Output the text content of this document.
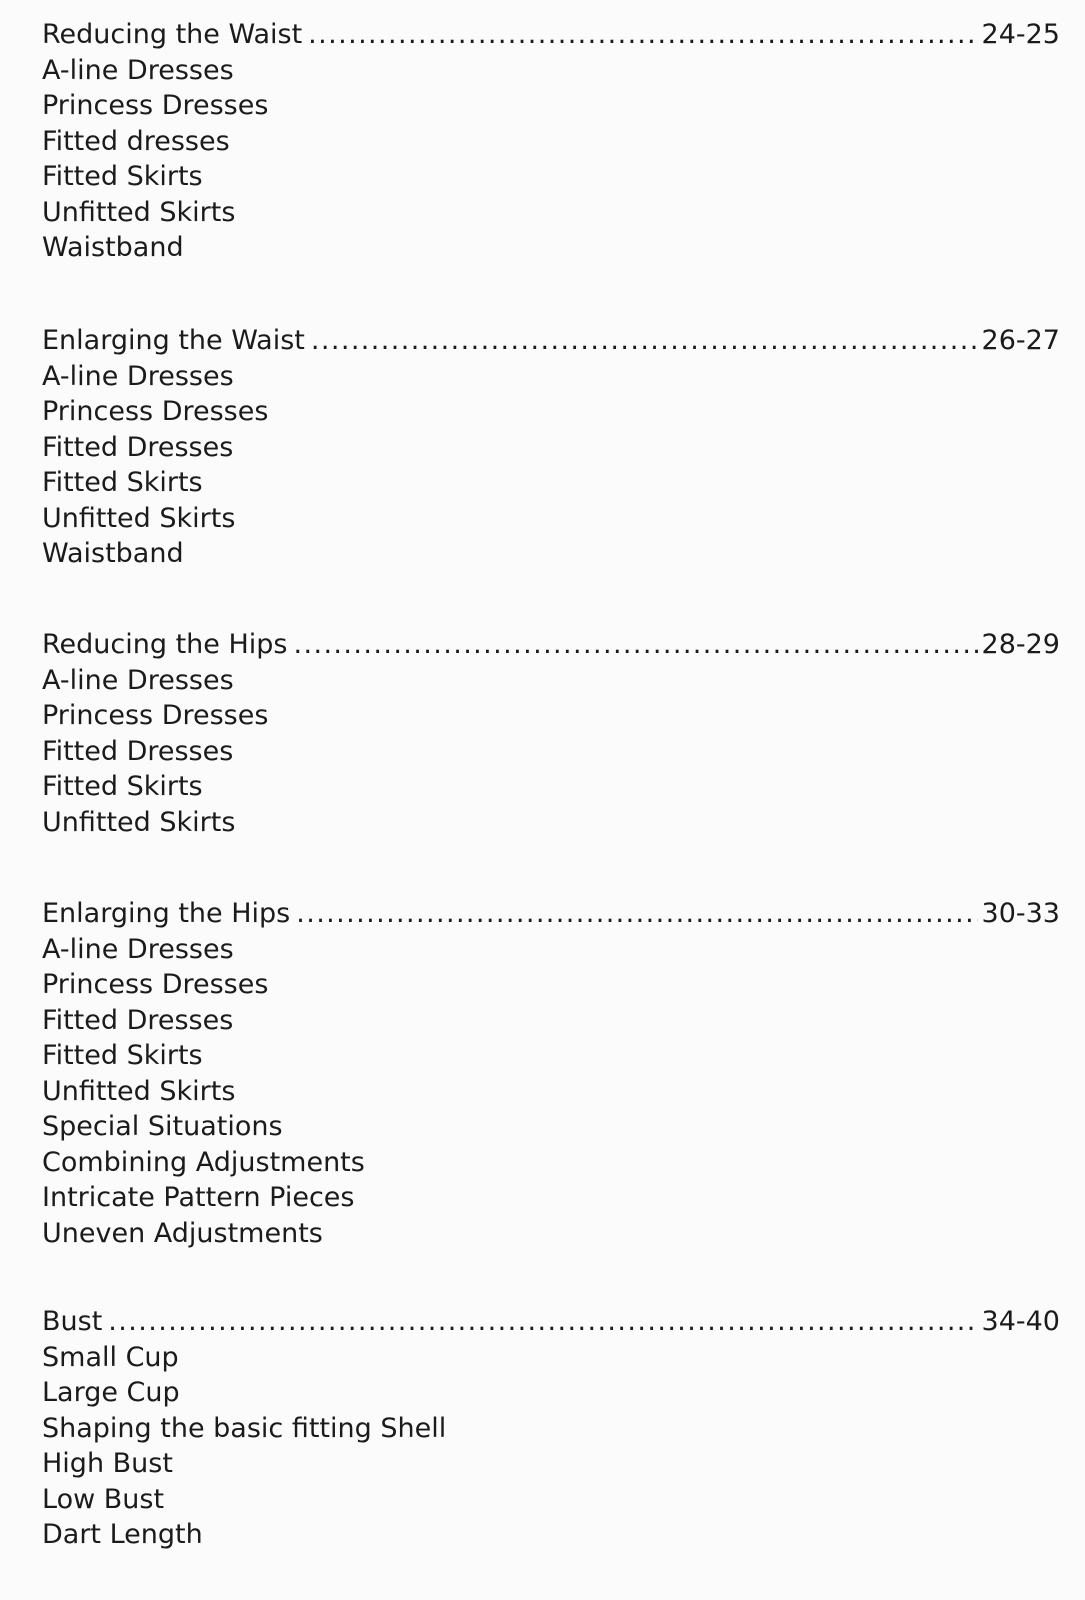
Reducing the Waist .....	24-25
A-line Dresses
Princess Dresses
Fitted dresses
Fitted Skirts
Unfitted Skirts
Waistband
Enlarging the Waist .....	26-27
A-line Dresses
Princess Dresses
Fitted Dresses
Fitted Skirts
Unfitted Skirts
Waistband
Reducing the Hips .....	28-29
A-line Dresses
Princess Dresses
Fitted Dresses
Fitted Skirts
Unfitted Skirts
Enlarging the Hips .....	30-33
A-line Dresses
Princess Dresses
Fitted Dresses
Fitted Skirts
Unfitted Skirts
Special Situations
Combining Adjustments
Intricate Pattern Pieces
Uneven Adjustments
Bust .....	34-40
Small Cup
Large Cup
Shaping the basic fitting Shell
High Bust
Low Bust
Dart Length
